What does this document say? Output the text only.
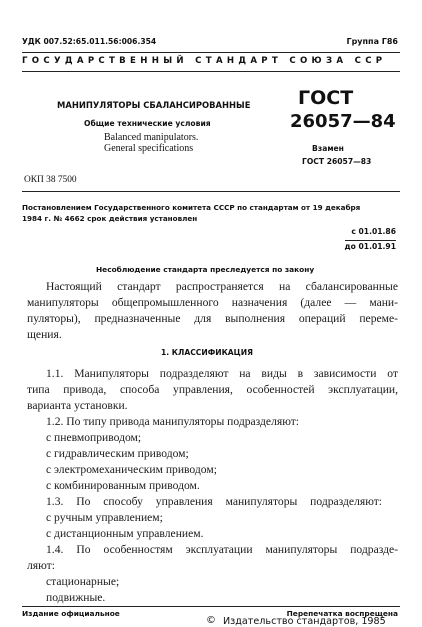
УДК 007.52:65.011.56:006.354	Группа Г86
ГОСУДАРСТВЕННЫЙ СТАНДАРТ СОЮЗА ССР
МАНИПУЛЯТОРЫ СБАЛАНСИРОВАННЫЕ
Общие технические условия
Balanced manipulators.
General specifications
ГОСТ
26057—84
Взамен
ГОСТ 26057—83
ОКП 38 7500
Постановлением Государственного комитета СССР по стандартам от 19 декабря
1984 г. № 4662 срок действия установлен
с 01.01.86
до 01.01.91
Несоблюдение стандарта преследуется по закону
Настоящий стандарт распространяется на сбалансированные
манипуляторы общепромышленного назначения (далее — мани-
пуляторы), предназначенные для выполнения операций переме-
щения.
1. КЛАССИФИКАЦИЯ
1.1. Манипуляторы подразделяют на виды в зависимости от
типа привода, способа управления, особенностей эксплуатации,
варианта установки.
1.2. По типу привода манипуляторы подразделяют:
с пневмоприводом;
с гидравлическим приводом;
с электромеханическим приводом;
с комбинированным приводом.
1.3. По способу управления манипуляторы подразделяют:
с ручным управлением;
с дистанционным управлением.
1.4. По особенностям эксплуатации манипуляторы подразде-
ляют:
стационарные;
подвижные.
Издание официальное	Перепечатка воспрещена
© Издательство стандартов, 1985
